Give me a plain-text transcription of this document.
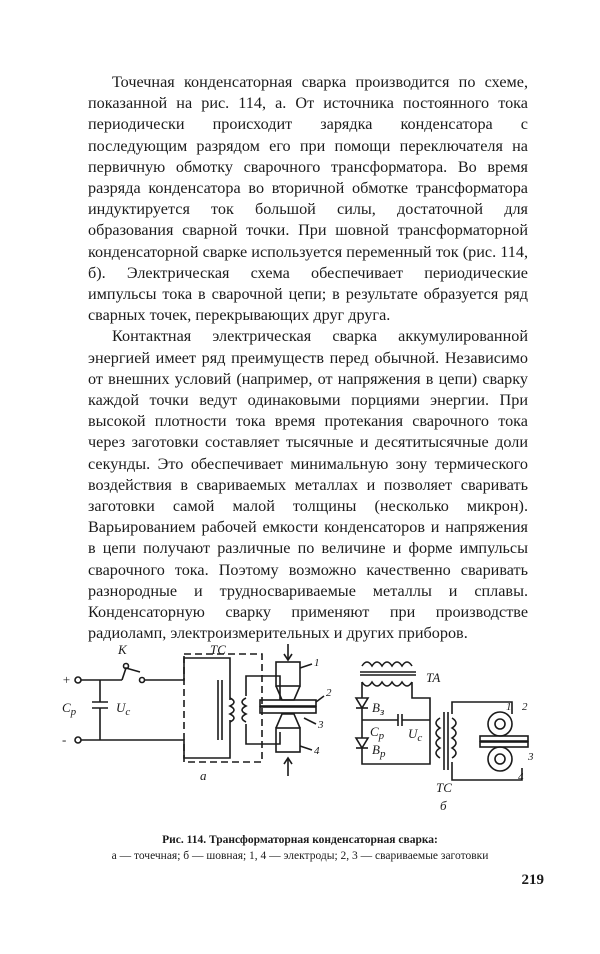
Точечная конденсаторная сварка производится по схеме, показанной на рис. 114, а. От источника постоянного тока периодически происходит зарядка конденсатора с последующим разрядом его при помощи переключателя на первичную обмотку сварочного трансформатора. Во время разряда конденсатора во вторичной обмотке трансформатора индуктируется ток большой силы, достаточной для образования сварной точки. При шовной трансформаторной конденсаторной сварке используется переменный ток (рис. 114, б). Электрическая схема обеспечивает периодические импульсы тока в сварочной цепи; в результате образуется ряд сварных точек, перекрывающих друг друга.

Контактная электрическая сварка аккумулированной энергией имеет ряд преимуществ перед обычной. Независимо от внешних условий (например, от напряжения в цепи) сварку каждой точки ведут одинаковыми порциями энергии. При высокой плотности тока время протекания сварочного тока через заготовки составляет тысячные и десятитысячные доли секунды. Это обеспечивает минимальную зону термического воздействия в свариваемых металлах и позволяет сваривать заготовки самой малой толщины (несколько микрон). Варьированием рабочей емкости конденсаторов и напряжения в цепи получают различные по величине и форме импульсы сварочного тока. Поэтому возможно качественно сваривать разнородные и трудносвариваемые металлы и сплавы. Конденсаторную сварку применяют при производстве радиоламп, электроизмерительных и других приборов.

+
-
К
$C_р$	$U_c$
ТС
1
2
3
4
а
ТА
$В_з$
$C_р$ $U_c$
$В_р$
ТС
1 2
3
4
б
Рис. 114. Трансформаторная конденсаторная сварка:
а — точечная; б — шовная; 1, 4 — электроды; 2, 3 — свариваемые заготовки
219
